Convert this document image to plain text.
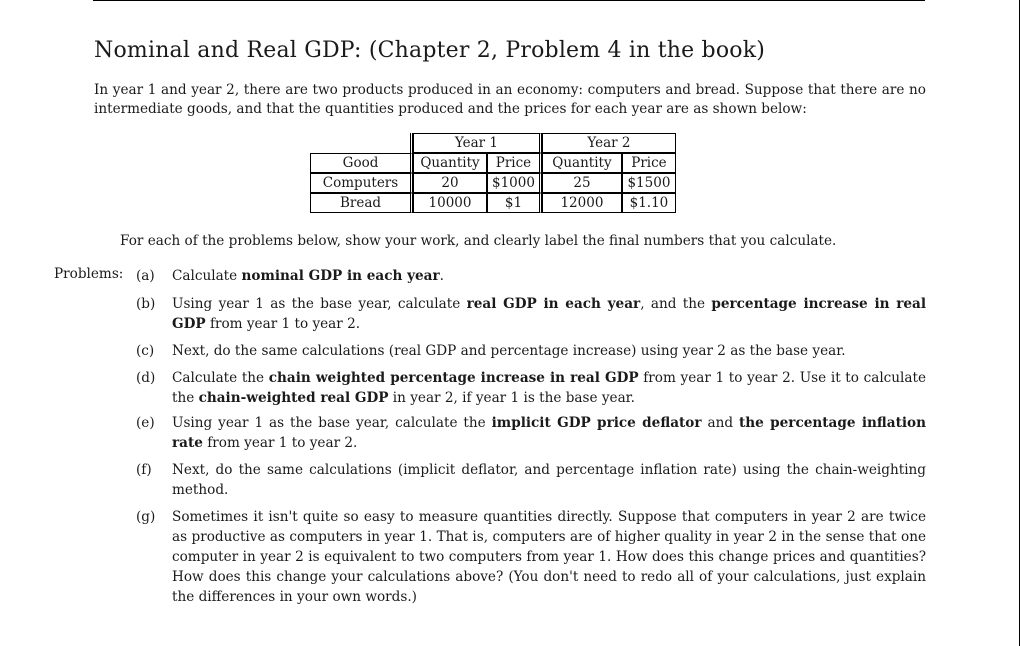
Nominal and Real GDP: (Chapter 2, Problem 4 in the book)

In year 1 and year 2, there are two products produced in an economy: computers and bread. Suppose that there are no intermediate goods, and that the quantities produced and the prices for each year are as shown below:

	Year 1		Year 2	
Good	Quantity	Price	Quantity	Price
Computers	20	$1000	25	$1500
Bread	10000	$1	12000	$1.10

For each of the problems below, show your work, and clearly label the final numbers that you calculate.

Problems: (a) Calculate nominal GDP in each year.
(b) Using year 1 as the base year, calculate real GDP in each year, and the percentage increase in real GDP from year 1 to year 2.
(c) Next, do the same calculations (real GDP and percentage increase) using year 2 as the base year.
(d) Calculate the chain weighted percentage increase in real GDP from year 1 to year 2. Use it to calculate the chain-weighted real GDP in year 2, if year 1 is the base year.
(e) Using year 1 as the base year, calculate the implicit GDP price deflator and the percentage inflation rate from year 1 to year 2.
(f) Next, do the same calculations (implicit deflator, and percentage inflation rate) using the chain-weighting method.
(g) Sometimes it isn't quite so easy to measure quantities directly. Suppose that computers in year 2 are twice as productive as computers in year 1. That is, computers are of higher quality in year 2 in the sense that one computer in year 2 is equivalent to two computers from year 1. How does this change prices and quantities? How does this change your calculations above? (You don't need to redo all of your calculations, just explain the differences in your own words.)
